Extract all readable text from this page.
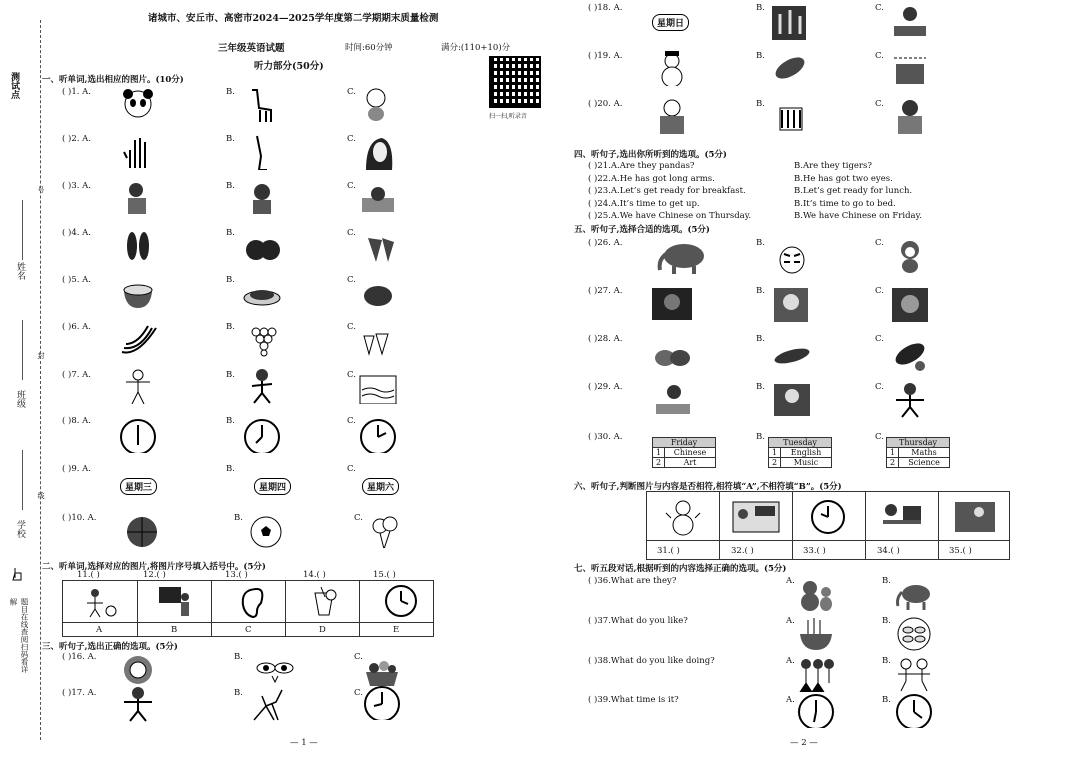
测试点
姓名
班级
学校
号
封
线
题目在线查阅扫码看详解
诸城市、安丘市、高密市2024—2025学年度第二学期期末质量检测
三年级英语试题	时间:60分钟	满分:(110+10)分
听力部分(50分)
扫一扫,听录音
一、听单词,选出相应的图片。(10分)
( )1. A.	B.	C.
( )2. A.	B.	C.
( )3. A.	B.	C.
( )4. A.	B.	C.
( )5. A.	B.	C.
( )6. A.	B.	C.
( )7. A.	B.	C.
( )8. A.	B.	C.
( )9. A.
星期三
B.
星期四
C.
星期六
( )10. A.	B.	C.
二、听单词,选择对应的图片,将图片序号填入括号中。(5分)
11.( )	12.( )	13.( )	14.( )	15.( )
A	B	C	D	E
三、听句子,选出正确的选项。(5分)
( )16. A.	B.	C.
( )17. A.	B.	C.
— 1 —
( )18. A.
星期日
B.	C.
( )19. A.	B.	C.
( )20. A.	B.	C.
四、听句子,选出你所听到的选项。(5分)
( )21.A.Are they pandas?	B.Are they tigers?
( )22.A.He has got long arms.	B.He has got two eyes.
( )23.A.Let’s get ready for breakfast.	B.Let’s get ready for lunch.
( )24.A.It’s time to get up.	B.It’s time to go to bed.
( )25.A.We have Chinese on Thursday.	B.We have Chinese on Friday.
五、听句子,选择合适的选项。(5分)
( )26. A.	B.	C.
( )27. A.	B.	C.
( )28. A.	B.	C.
( )29. A.	B.	C.
( )30. A.
Friday	
1	Chinese
2	Art
B.
Tuesday	
1	English
2	Music
C.
Thursday	
1	Maths
2	Science
六、听句子,判断图片与内容是否相符,相符填“A”,不相符填“B”。(5分)
31.( )	32.( )	33.( )	34.( )	35.( )
七、听五段对话,根据听到的内容选择正确的选项。(5分)
( )36.What are they?	A.	B.
( )37.What do you like?	A.	B.
( )38.What do you like doing?	A.	B.
( )39.What time is it?	A.	B.
— 2 —
